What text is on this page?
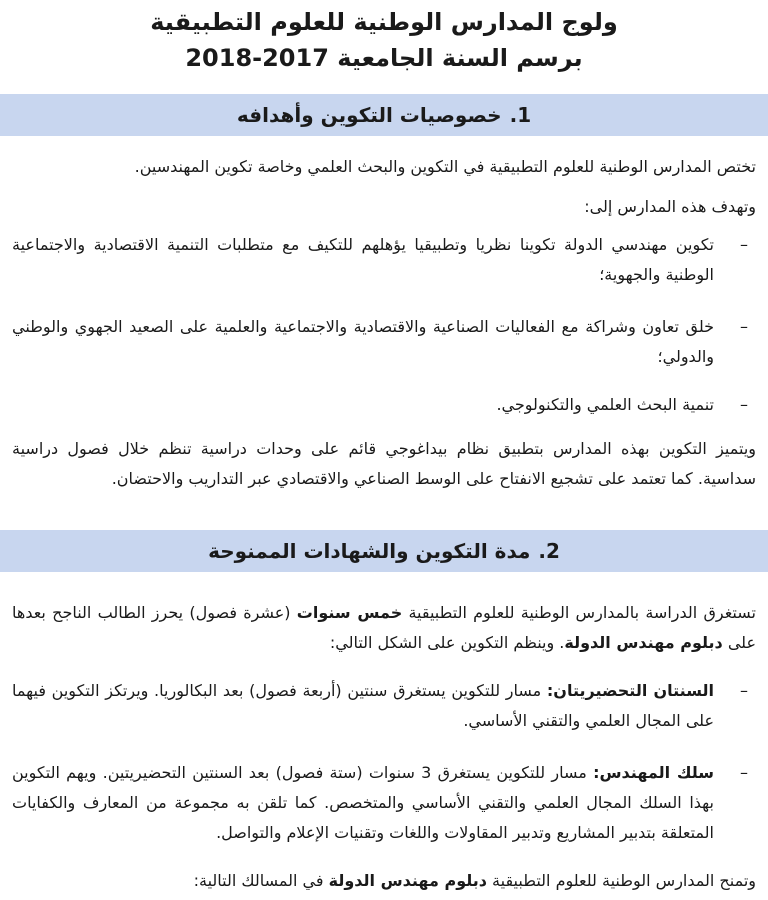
ولوج المدارس الوطنية للعلوم التطبيقية
برسم السنة الجامعية 2017-2018
1.
خصوصيات التكوين وأهدافه

تختص المدارس الوطنية للعلوم التطبيقية في التكوين والبحث العلمي وخاصة تكوين المهندسين.

وتهدف هذه المدارس إلى:

–
تكوين مهندسي الدولة تكوينا نظريا وتطبيقيا يؤهلهم للتكيف مع متطلبات التنمية الاقتصادية والاجتماعية الوطنية والجهوية؛
–
خلق تعاون وشراكة مع الفعاليات الصناعية والاقتصادية والاجتماعية والعلمية على الصعيد الجهوي والوطني والدولي؛
–
تنمية البحث العلمي والتكنولوجي.

ويتميز التكوين بهذه المدارس بتطبيق نظام بيداغوجي قائم على وحدات دراسية تنظم خلال فصول دراسية سداسية. كما تعتمد على تشجيع الانفتاح على الوسط الصناعي والاقتصادي عبر التداريب والاحتضان.

2.
مدة التكوين والشهادات الممنوحة

تستغرق الدراسة بالمدارس الوطنية للعلوم التطبيقية خمس سنوات (عشرة فصول) يحرز الطالب الناجح بعدها على دبلوم مهندس الدولة. وينظم التكوين على الشكل التالي:

–
السنتان التحضيريتان: مسار للتكوين يستغرق سنتين (أربعة فصول) بعد البكالوريا. ويرتكز التكوين فيهما على المجال العلمي والتقني الأساسي.
–
سلك المهندس: مسار للتكوين يستغرق 3 سنوات (ستة فصول) بعد السنتين التحضيريتين. ويهم التكوين بهذا السلك المجال العلمي والتقني الأساسي والمتخصص. كما تلقن به مجموعة من المعارف والكفايات المتعلقة بتدبير المشاريع وتدبير المقاولات واللغات وتقنيات الإعلام والتواصل.

وتمنح المدارس الوطنية للعلوم التطبيقية دبلوم مهندس الدولة في المسالك التالية:
